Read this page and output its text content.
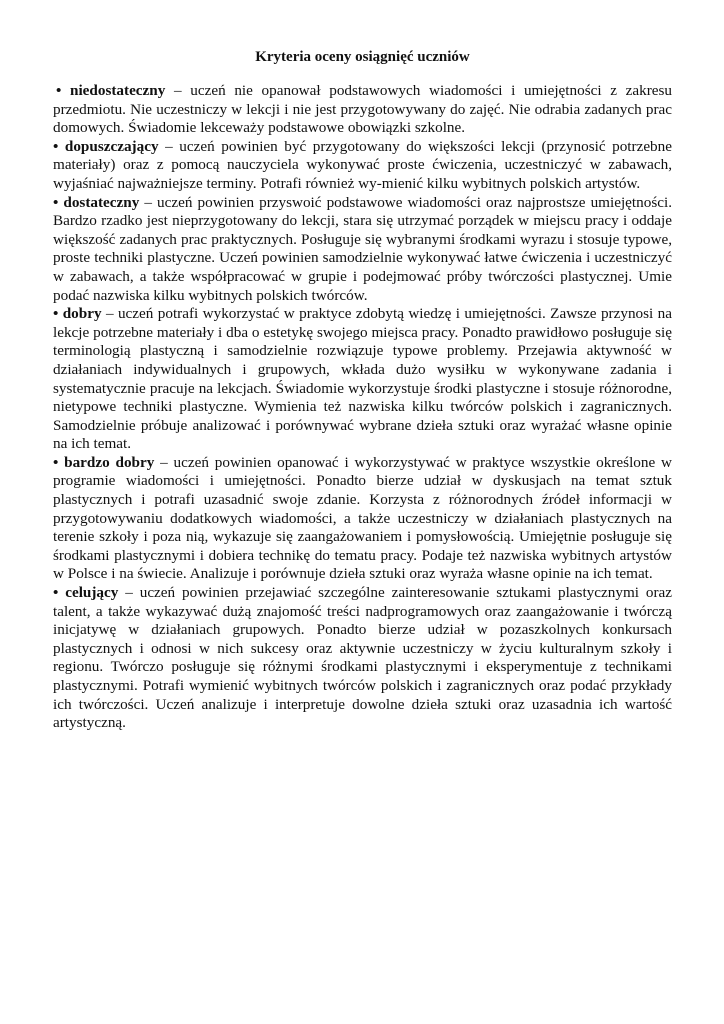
Kryteria oceny osiągnięć uczniów

• niedostateczny – uczeń nie opanował podstawowych wiadomości i umiejętności z zakresu przedmiotu. Nie uczestniczy w lekcji i nie jest przygotowywany do zajęć. Nie odrabia zadanych prac domowych. Świadomie lekceważy podstawowe obowiązki szkolne.

• dopuszczający – uczeń powinien być przygotowany do większości lekcji (przynosić potrzebne materiały) oraz z pomocą nauczyciela wykonywać proste ćwiczenia, uczestniczyć w zabawach, wyjaśniać najważniejsze terminy. Potrafi również wy-mienić kilku wybitnych polskich artystów.

• dostateczny – uczeń powinien przyswoić podstawowe wiadomości oraz najprostsze umiejętności. Bardzo rzadko jest nieprzygotowany do lekcji, stara się utrzymać porządek w miejscu pracy i oddaje większość zadanych prac praktycznych. Posługuje się wybranymi środkami wyrazu i stosuje typowe, proste techniki plastyczne. Uczeń powinien samodzielnie wykonywać łatwe ćwiczenia i uczestniczyć w zabawach, a także współpracować w grupie i podejmować próby twórczości plastycznej. Umie podać nazwiska kilku wybitnych polskich twórców.

• dobry – uczeń potrafi wykorzystać w praktyce zdobytą wiedzę i umiejętności. Zawsze przynosi na lekcje potrzebne materiały i dba o estetykę swojego miejsca pracy. Ponadto prawidłowo posługuje się terminologią plastyczną i samodzielnie rozwiązuje typowe problemy. Przejawia aktywność w działaniach indywidualnych i grupowych, wkłada dużo wysiłku w wykonywane zadania i systematycznie pracuje na lekcjach. Świadomie wykorzystuje środki plastyczne i stosuje różnorodne, nietypowe techniki plastyczne. Wymienia też nazwiska kilku twórców polskich i zagranicznych. Samodzielnie próbuje analizować i porównywać wybrane dzieła sztuki oraz wyrażać własne opinie na ich temat.

• bardzo dobry – uczeń powinien opanować i wykorzystywać w praktyce wszystkie określone w programie wiadomości i umiejętności. Ponadto bierze udział w dyskusjach na temat sztuk plastycznych i potrafi uzasadnić swoje zdanie. Korzysta z różnorodnych źródeł informacji w przygotowywaniu dodatkowych wiadomości, a także uczestniczy w działaniach plastycznych na terenie szkoły i poza nią, wykazuje się zaangażowaniem i pomysłowością. Umiejętnie posługuje się środkami plastycznymi i dobiera technikę do tematu pracy. Podaje też nazwiska wybitnych artystów w Polsce i na świecie. Analizuje i porównuje dzieła sztuki oraz wyraża własne opinie na ich temat.

• celujący – uczeń powinien przejawiać szczególne zainteresowanie sztukami plastycznymi oraz talent, a także wykazywać dużą znajomość treści nadprogramowych oraz zaangażowanie i twórczą inicjatywę w działaniach grupowych. Ponadto bierze udział w pozaszkolnych konkursach plastycznych i odnosi w nich sukcesy oraz aktywnie uczestniczy w życiu kulturalnym szkoły i regionu. Twórczo posługuje się różnymi środkami plastycznymi i eksperymentuje z technikami plastycznymi. Potrafi wymienić wybitnych twórców polskich i zagranicznych oraz podać przykłady ich twórczości. Uczeń analizuje i interpretuje dowolne dzieła sztuki oraz uzasadnia ich wartość artystyczną.
